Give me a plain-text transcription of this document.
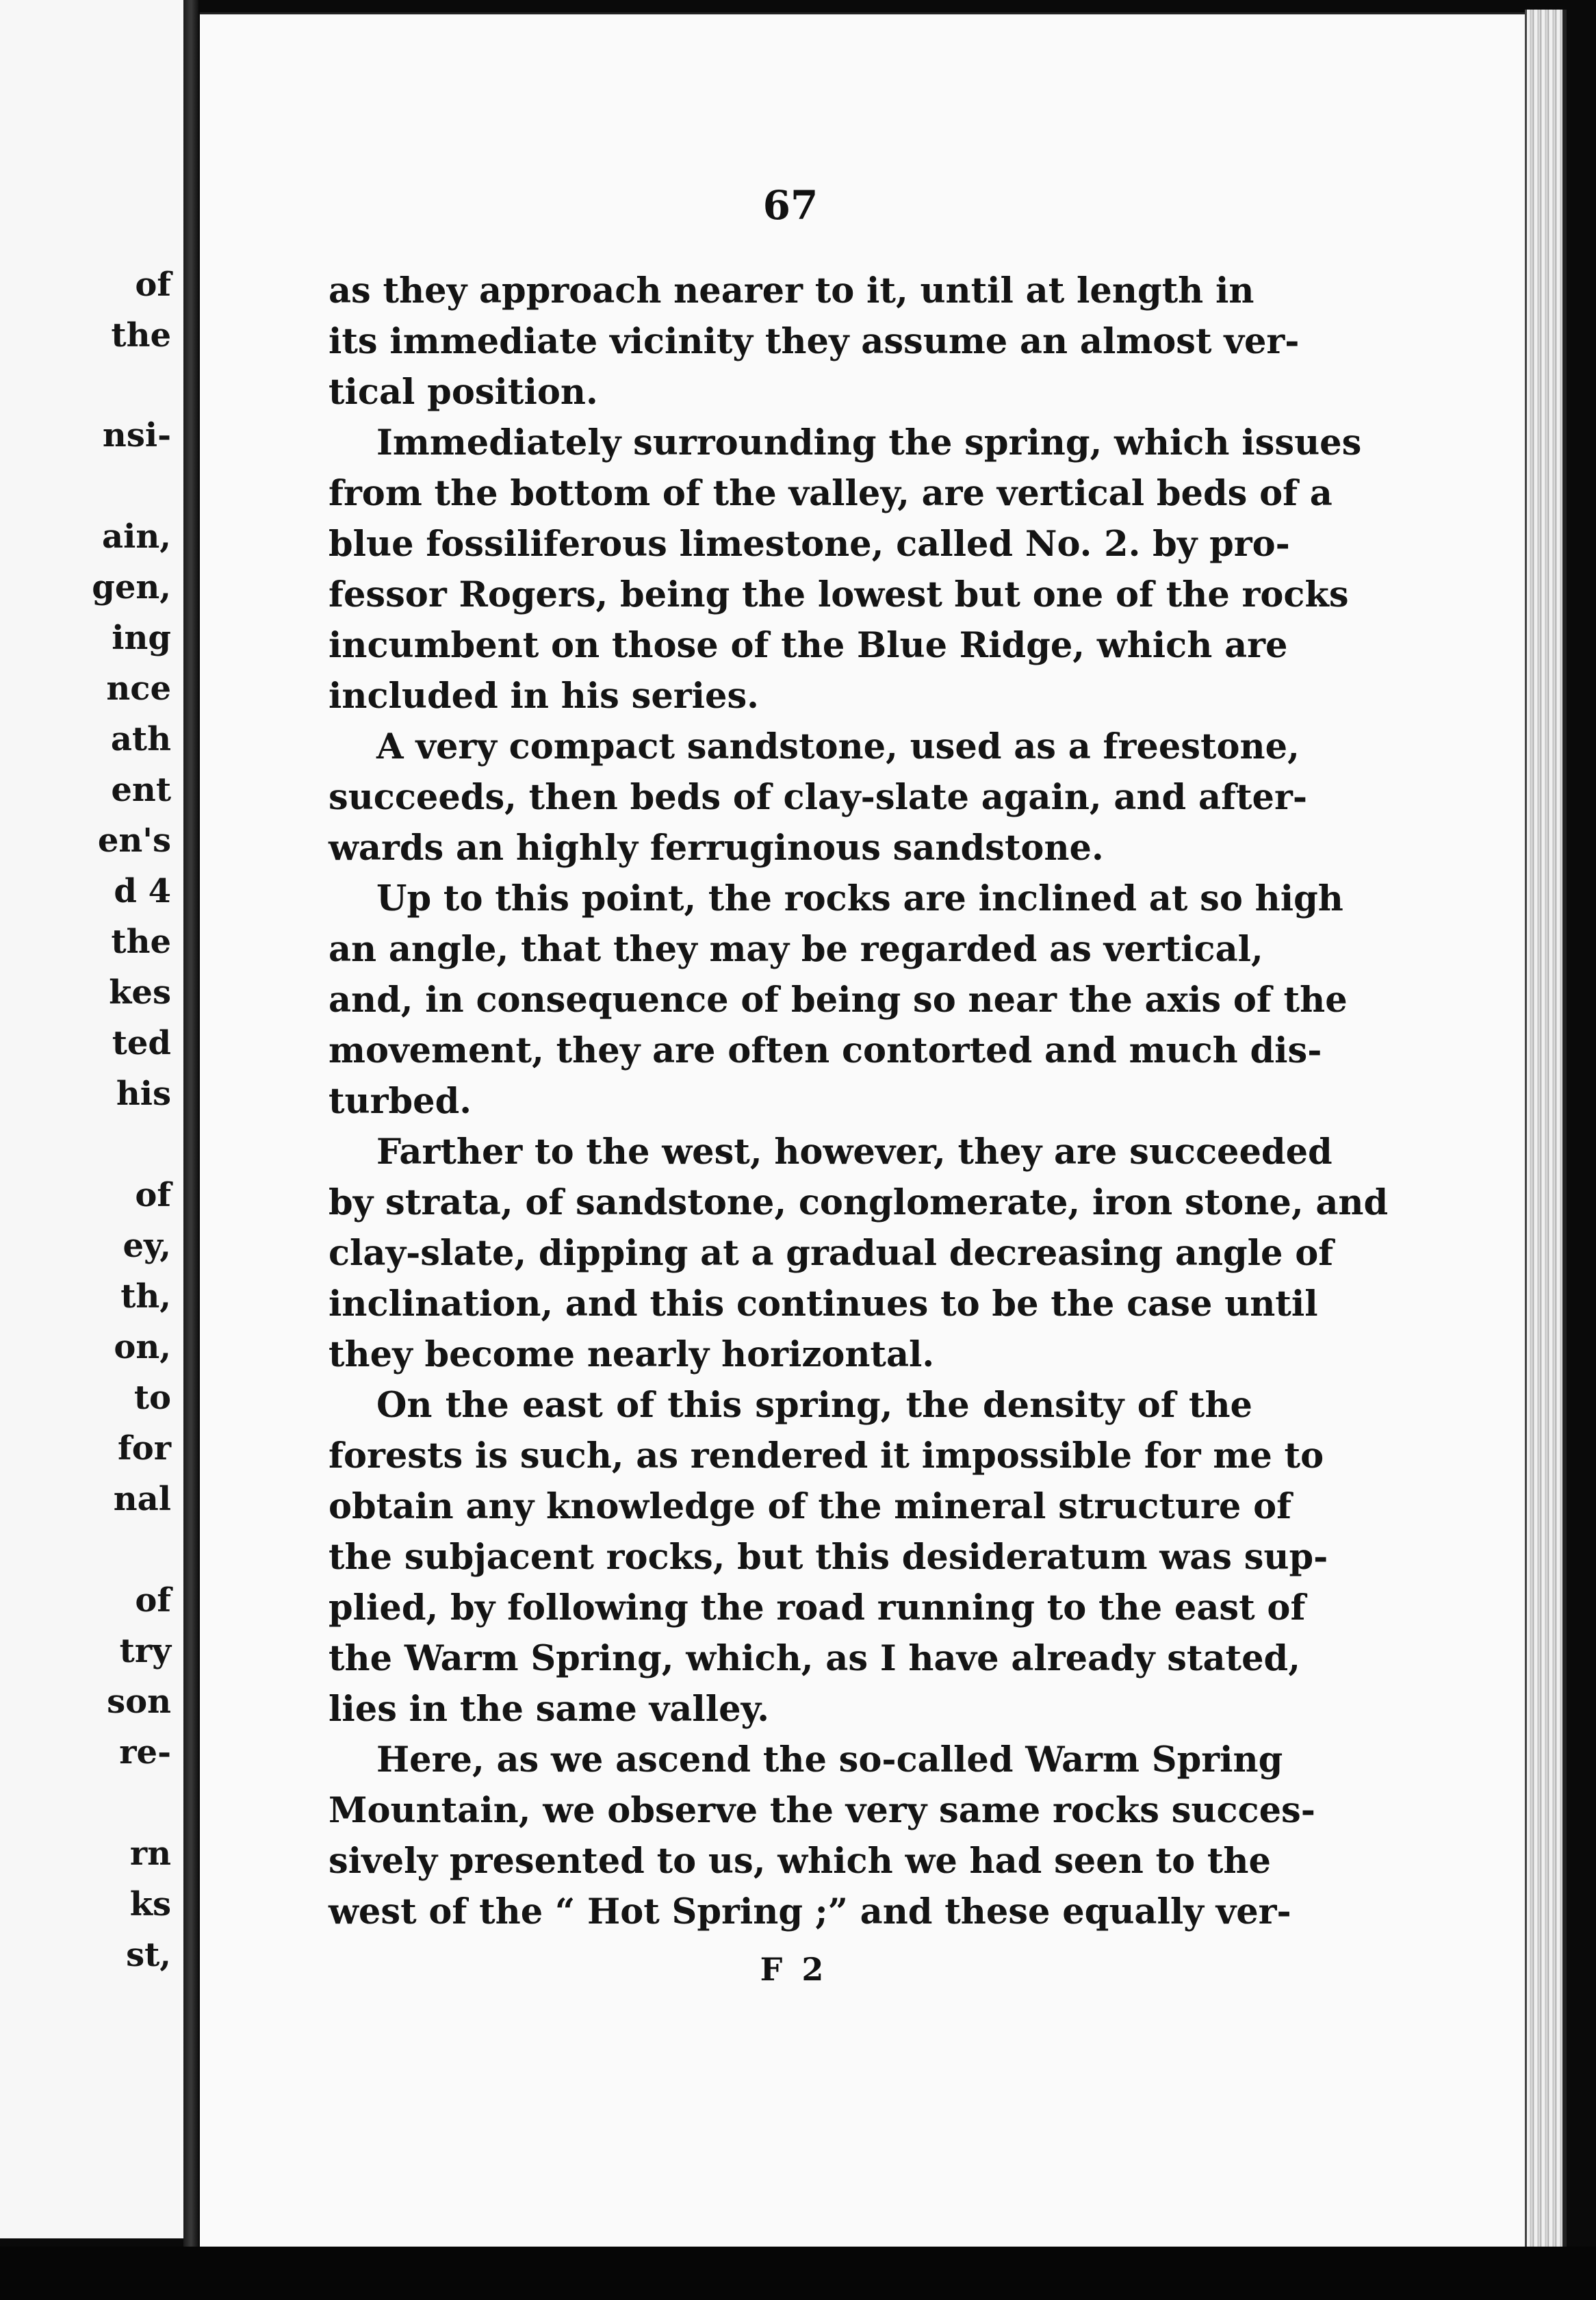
of
the
nsi-
ain,
gen,
ing
nce
ath
ent
en's
d 4
the
kes
ted
his
of
ey,
th,
on,
to
for
nal
of
try
son
re-
rn
ks
st,
67

as they approach nearer to it, until at length in

its immediate vicinity they assume an almost ver-

tical position.

Immediately surrounding the spring, which issues

from the bottom of the valley, are vertical beds of a

blue fossiliferous limestone, called No. 2. by pro-

fessor Rogers, being the lowest but one of the rocks

incumbent on those of the Blue Ridge, which are

included in his series.

A very compact sandstone, used as a freestone,

succeeds, then beds of clay-slate again, and after-

wards an highly ferruginous sandstone.

Up to this point, the rocks are inclined at so high

an angle, that they may be regarded as vertical,

and, in consequence of being so near the axis of the

movement, they are often contorted and much dis-

turbed.

Farther to the west, however, they are succeeded

by strata, of sandstone, conglomerate, iron stone, and

clay-slate, dipping at a gradual decreasing angle of

inclination, and this continues to be the case until

they become nearly horizontal.

On the east of this spring, the density of the

forests is such, as rendered it impossible for me to

obtain any knowledge of the mineral structure of

the subjacent rocks, but this desideratum was sup-

plied, by following the road running to the east of

the Warm Spring, which, as I have already stated,

lies in the same valley.

Here, as we ascend the so-called Warm Spring

Mountain, we observe the very same rocks succes-

sively presented to us, which we had seen to the

west of the “ Hot Spring ;” and these equally ver-

F 2
